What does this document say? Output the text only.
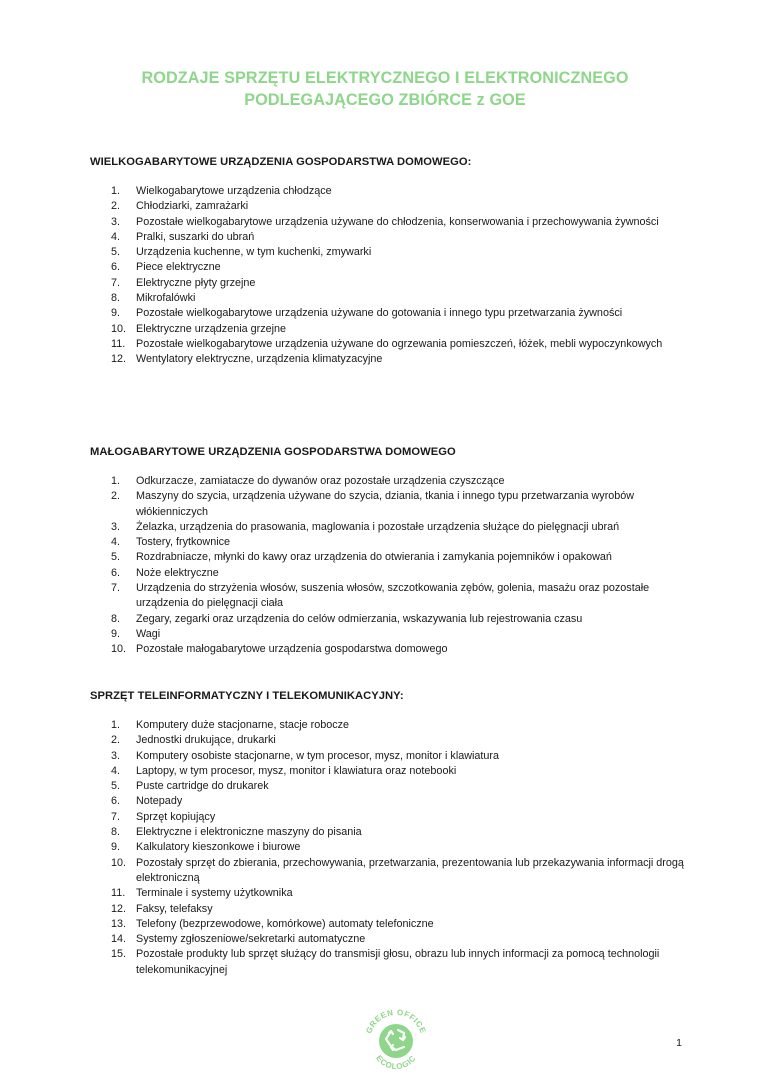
RODZAJE SPRZĘTU ELEKTRYCZNEGO I ELEKTRONICZNEGO
PODLEGAJĄCEGO ZBIÓRCE z GOE
WIELKOGABARYTOWE URZĄDZENIA GOSPODARSTWA DOMOWEGO:
1. Wielkogabarytowe urządzenia chłodzące
2. Chłodziarki, zamrażarki
3. Pozostałe wielkogabarytowe urządzenia używane do chłodzenia, konserwowania i przechowywania żywności
4. Pralki, suszarki do ubrań
5. Urządzenia kuchenne, w tym kuchenki, zmywarki
6. Piece elektryczne
7. Elektryczne płyty grzejne
8. Mikrofalówki
9. Pozostałe wielkogabarytowe urządzenia używane do gotowania i innego typu przetwarzania żywności
10. Elektryczne urządzenia grzejne
11. Pozostałe wielkogabarytowe urządzenia używane do ogrzewania pomieszczeń, łóżek, mebli wypoczynkowych
12. Wentylatory elektryczne, urządzenia klimatyzacyjne
MAŁOGABARYTOWE URZĄDZENIA GOSPODARSTWA DOMOWEGO
1. Odkurzacze, zamiatacze do dywanów oraz pozostałe urządzenia czyszczące
2. Maszyny do szycia, urządzenia używane do szycia, dziania, tkania i innego typu przetwarzania wyrobów włókienniczych
3. Żelazka, urządzenia do prasowania, maglowania i pozostałe urządzenia służące do pielęgnacji ubrań
4. Tostery, frytkownice
5. Rozdrabniacze, młynki do kawy oraz urządzenia do otwierania i zamykania pojemników i opakowań
6. Noże elektryczne
7. Urządzenia do strzyżenia włosów, suszenia włosów, szczotkowania zębów, golenia, masażu oraz pozostałe urządzenia do pielęgnacji ciała
8. Zegary, zegarki oraz urządzenia do celów odmierzania, wskazywania lub rejestrowania czasu
9. Wagi
10. Pozostałe małogabarytowe urządzenia gospodarstwa domowego
SPRZĘT TELEINFORMATYCZNY I TELEKOMUNIKACYJNY:
1. Komputery duże stacjonarne, stacje robocze
2. Jednostki drukujące, drukarki
3. Komputery osobiste stacjonarne, w tym procesor, mysz, monitor i klawiatura
4. Laptopy, w tym procesor, mysz, monitor i klawiatura oraz notebooki
5. Puste cartridge do drukarek
6. Notepady
7. Sprzęt kopiujący
8. Elektryczne i elektroniczne maszyny do pisania
9. Kalkulatory kieszonkowe i biurowe
10. Pozostały sprzęt do zbierania, przechowywania, przetwarzania, prezentowania lub przekazywania informacji drogą elektroniczną
11. Terminale i systemy użytkownika
12. Faksy, telefaksy
13. Telefony (bezprzewodowe, komórkowe) automaty telefoniczne
14. Systemy zgłoszeniowe/sekretarki automatyczne
15. Pozostałe produkty lub sprzęt służący do transmisji głosu, obrazu lub innych informacji za pomocą technologii telekomunikacyjnej
GREEN OFFICE
ECOLOGIC
1
